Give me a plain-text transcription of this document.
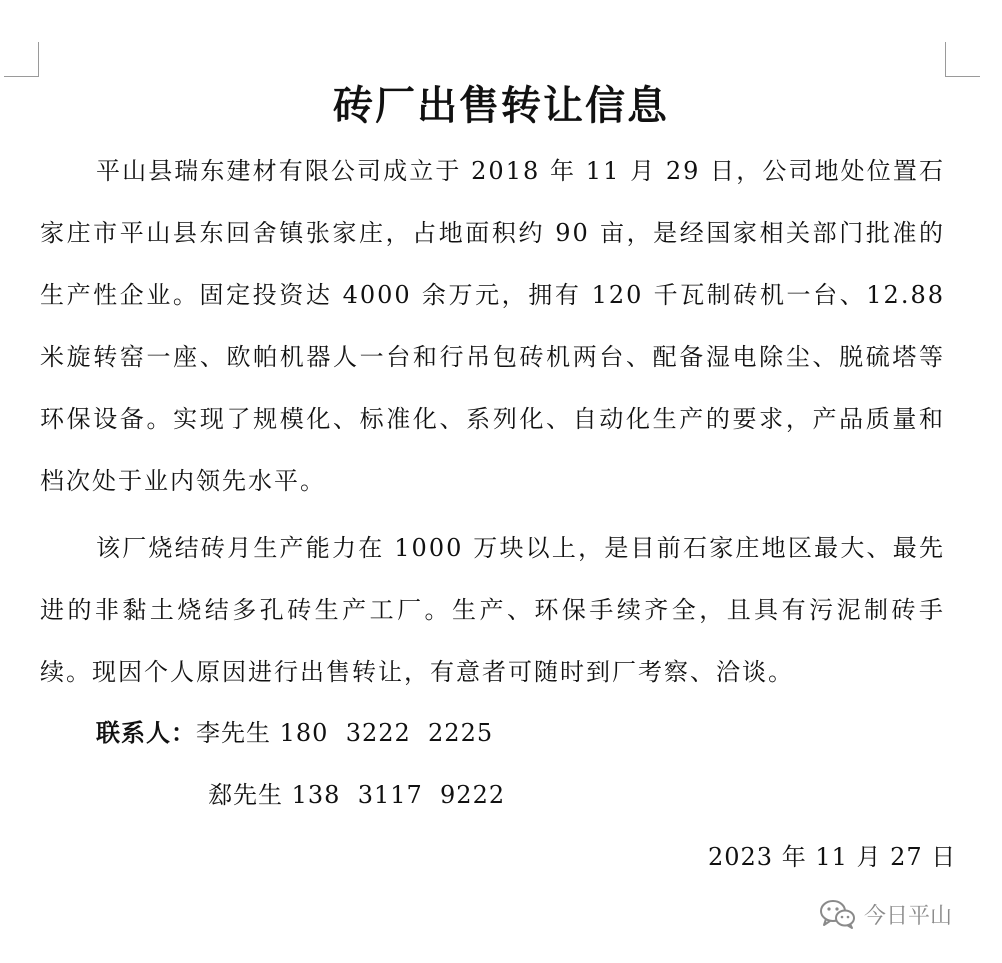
砖厂出售转让信息
平山县瑞东建材有限公司成立于 2018 年 11 月 29 日，公司地处位置石家庄市平山县东回舍镇张家庄，占地面积约 90 亩，是经国家相关部门批准的生产性企业。固定投资达 4000 余万元，拥有 120 千瓦制砖机一台、12.88 米旋转窑一座、欧帕机器人一台和行吊包砖机两台、配备湿电除尘、脱硫塔等环保设备。实现了规模化、标准化、系列化、自动化生产的要求，产品质量和档次处于业内领先水平。
该厂烧结砖月生产能力在 1000 万块以上，是目前石家庄地区最大、最先进的非黏土烧结多孔砖生产工厂。生产、环保手续齐全，且具有污泥制砖手续。现因个人原因进行出售转让，有意者可随时到厂考察、洽谈。
联系人：李先生 180  3222  2225
郄先生 138  3117  9222
2023 年 11 月 27 日
今日平山
